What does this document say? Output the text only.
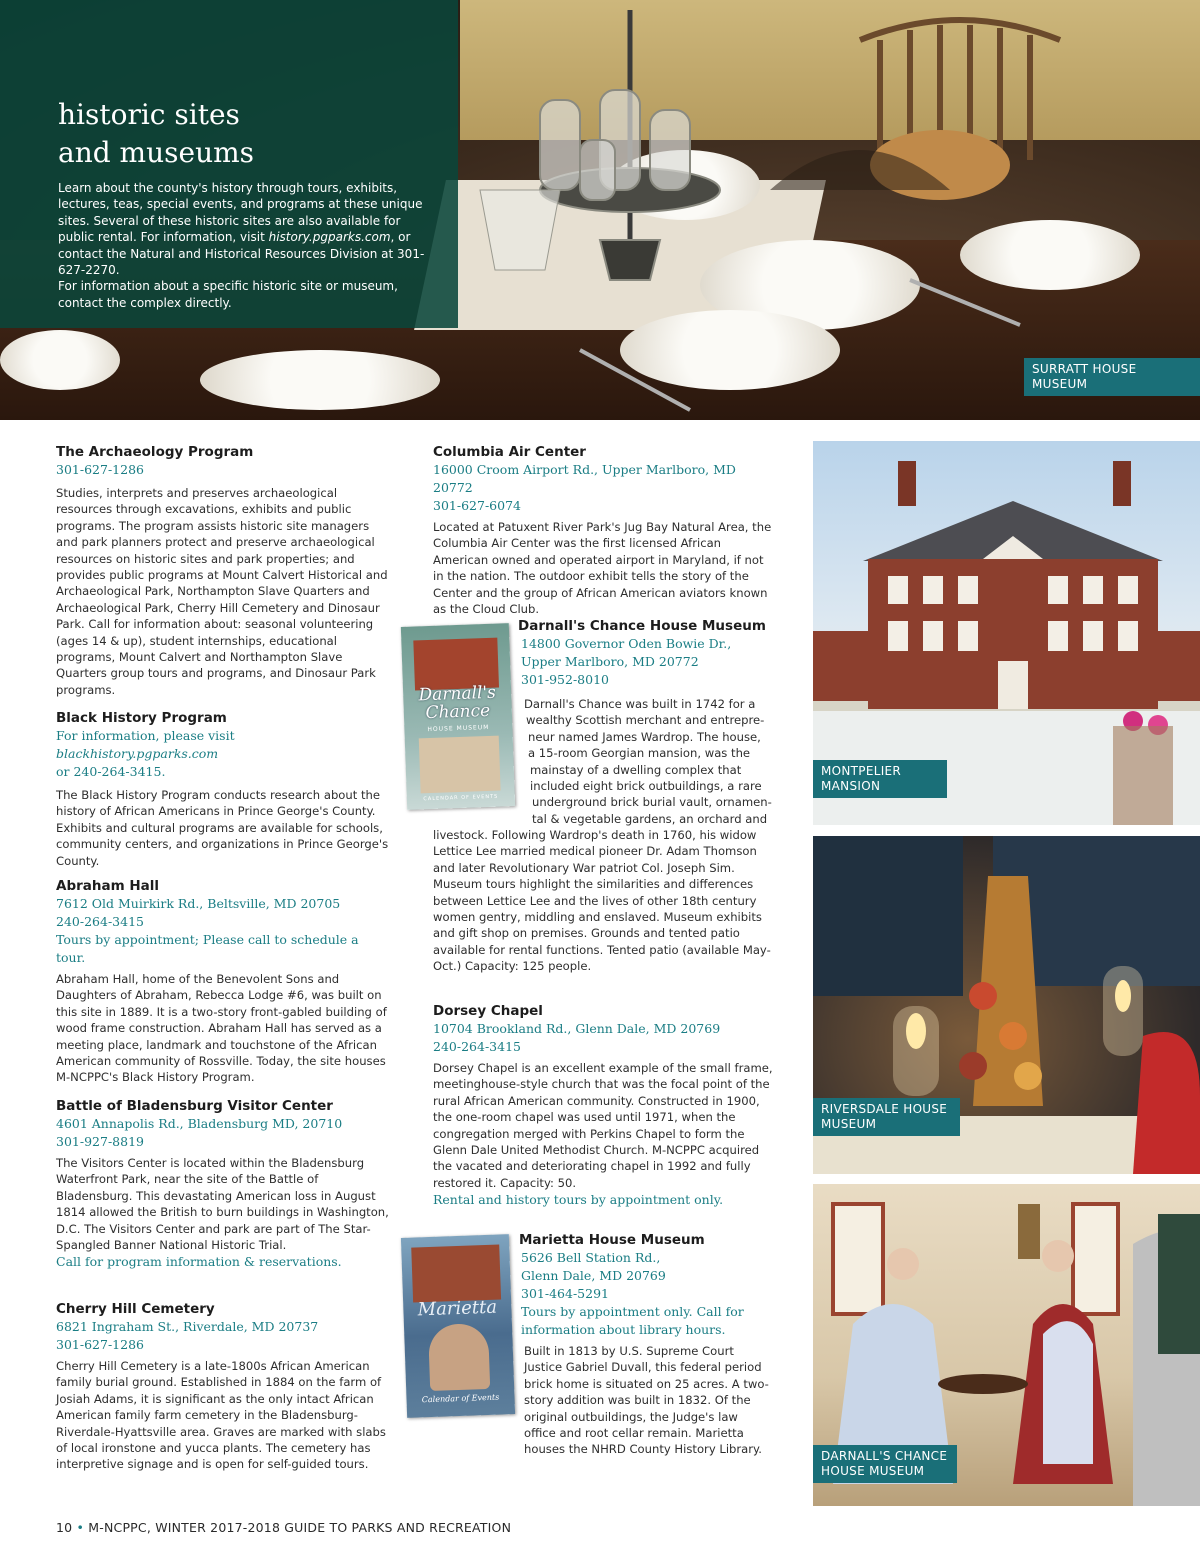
historic sites
and museums
Learn about the county's history through tours, exhibits, lectures, teas, special events, and programs at these unique sites. Several of these historic sites are also available for public rental. For information, visit history.pgparks.com, or contact the Natural and Historical Resources Division at 301-627-2270.
For information about a specific historic site or museum, contact the complex directly.
SURRATT HOUSE MUSEUM

The Archaeology Program

301-627-1286

Studies, interprets and preserves archaeological resources through excavations, exhibits and public programs. The program assists historic site managers and park planners protect and preserve archaeological resources on historic sites and park properties; and provides public programs at Mount Calvert Historical and Archaeological Park, Northampton Slave Quarters and Archaeological Park, Cherry Hill Cemetery and Dinosaur Park. Call for information about: seasonal volunteering (ages 14 & up), student internships, educational programs, Mount Calvert and Northampton Slave Quarters group tours and programs, and Dinosaur Park programs.

Black History Program

For information, please visit blackhistory.pgparks.com
or 240-264-3415.

The Black History Program conducts research about the history of African Americans in Prince George's County. Exhibits and cultural programs are available for schools, community centers, and organizations in Prince George's County.

Abraham Hall

7612 Old Muirkirk Rd., Beltsville, MD 20705

240-264-3415

Tours by appointment; Please call to schedule a tour.

Abraham Hall, home of the Benevolent Sons and Daughters of Abraham, Rebecca Lodge #6, was built on this site in 1889. It is a two-story front-gabled building of wood frame construction. Abraham Hall has served as a meeting place, landmark and touchstone of the African American community of Rossville. Today, the site houses M-NCPPC's Black History Program.

Battle of Bladensburg Visitor Center

4601 Annapolis Rd., Bladensburg MD, 20710

301-927-8819

The Visitors Center is located within the Bladensburg Waterfront Park, near the site of the Battle of Bladensburg. This devastating American loss in August 1814 allowed the British to burn buildings in Washington, D.C. The Visitors Center and park are part of The Star-Spangled Banner National Historic Trial.

Call for program information & reservations.

Cherry Hill Cemetery

6821 Ingraham St., Riverdale, MD 20737

301-627-1286

Cherry Hill Cemetery is a late-1800s African American family burial ground. Established in 1884 on the farm of Josiah Adams, it is significant as the only intact African American family farm cemetery in the Bladensburg-Riverdale-Hyattsville area. Graves are marked with slabs of local ironstone and yucca plants. The cemetery has interpretive signage and is open for self-guided tours.

Columbia Air Center

16000 Croom Airport Rd., Upper Marlboro, MD 20772

301-627-6074

Located at Patuxent River Park's Jug Bay Natural Area, the Columbia Air Center was the first licensed African American owned and operated airport in Maryland, if not in the nation. The outdoor exhibit tells the story of the Center and the group of African American aviators known as the Cloud Club.

Darnall's
Chance
HOUSE MUSEUM
CALENDAR OF EVENTS

Darnall's Chance House Museum

14800 Governor Oden Bowie Dr.,

Upper Marlboro, MD 20772

301-952-8010

Darnall's Chance was built in 1742 for a
wealthy Scottish merchant and entrepre-
neur named James Wardrop. The house,
a 15-room Georgian mansion, was the
mainstay of a dwelling complex that
included eight brick outbuildings, a rare
underground brick burial vault, ornamen-
tal & vegetable gardens, an orchard and

livestock. Following Wardrop's death in 1760, his widow Lettice Lee married medical pioneer Dr. Adam Thomson and later Revolutionary War patriot Col. Joseph Sim. Museum tours highlight the similarities and differences between Lettice Lee and the lives of other 18th century women gentry, middling and enslaved. Museum exhibits and gift shop on premises. Grounds and tented patio available for rental functions. Tented patio (available May-Oct.) Capacity: 125 people.

Dorsey Chapel

10704 Brookland Rd., Glenn Dale, MD 20769

240-264-3415

Dorsey Chapel is an excellent example of the small frame, meetinghouse-style church that was the focal point of the rural African American community. Constructed in 1900, the one-room chapel was used until 1971, when the congregation merged with Perkins Chapel to form the Glenn Dale United Methodist Church. M-NCPPC acquired the vacated and deteriorating chapel in 1992 and fully restored it. Capacity: 50.

Rental and history tours by appointment only.

Marietta
Calendar of Events

Marietta House Museum

5626 Bell Station Rd.,

Glenn Dale, MD 20769

301-464-5291

Tours by appointment only. Call for information about library hours.

Built in 1813 by U.S. Supreme Court Justice Gabriel Duvall, this federal period brick home is situated on 25 acres. A two-story addition was built in 1832. Of the original outbuildings, the Judge's law office and root cellar remain. Marietta houses the NHRD County History Library.

MONTPELIER MANSION
RIVERSDALE HOUSE MUSEUM
DARNALL'S CHANCE HOUSE MUSEUM
10 • M-NCPPC, WINTER 2017-2018 GUIDE TO PARKS AND RECREATION
